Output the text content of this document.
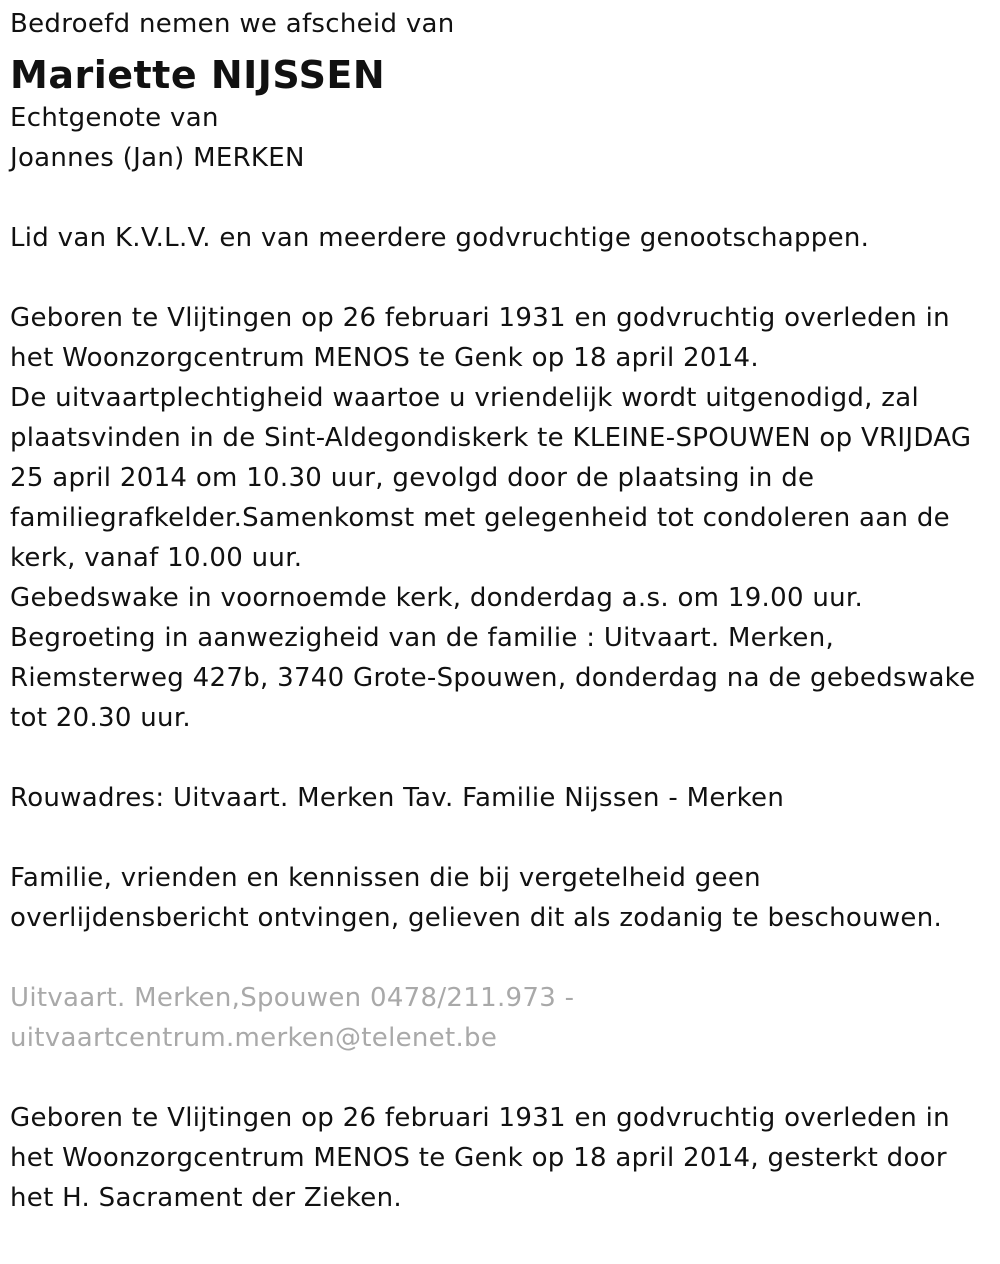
Bedroefd nemen we afscheid van
Mariette NIJSSEN
Echtgenote van
Joannes (Jan) MERKEN
Lid van K.V.L.V. en van meerdere godvruchtige genootschappen.
Geboren te Vlijtingen op 26 februari 1931 en godvruchtig overleden in
het Woonzorgcentrum MENOS te Genk op 18 april 2014.
De uitvaartplechtigheid waartoe u vriendelijk wordt uitgenodigd, zal
plaatsvinden in de Sint-Aldegondiskerk te KLEINE-SPOUWEN op VRIJDAG
25 april 2014 om 10.30 uur, gevolgd door de plaatsing in de
familiegrafkelder.Samenkomst met gelegenheid tot condoleren aan de
kerk, vanaf 10.00 uur.
Gebedswake in voornoemde kerk, donderdag a.s. om 19.00 uur.
Begroeting in aanwezigheid van de familie : Uitvaart. Merken,
Riemsterweg 427b, 3740 Grote-Spouwen, donderdag na de gebedswake
tot 20.30 uur.
Rouwadres: Uitvaart. Merken Tav. Familie Nijssen - Merken
Familie, vrienden en kennissen die bij vergetelheid geen
overlijdensbericht ontvingen, gelieven dit als zodanig te beschouwen.
Uitvaart. Merken,Spouwen 0478/211.973 -
uitvaartcentrum.merken@telenet.be
Geboren te Vlijtingen op 26 februari 1931 en godvruchtig overleden in
het Woonzorgcentrum MENOS te Genk op 18 april 2014, gesterkt door
het H. Sacrament der Zieken.
